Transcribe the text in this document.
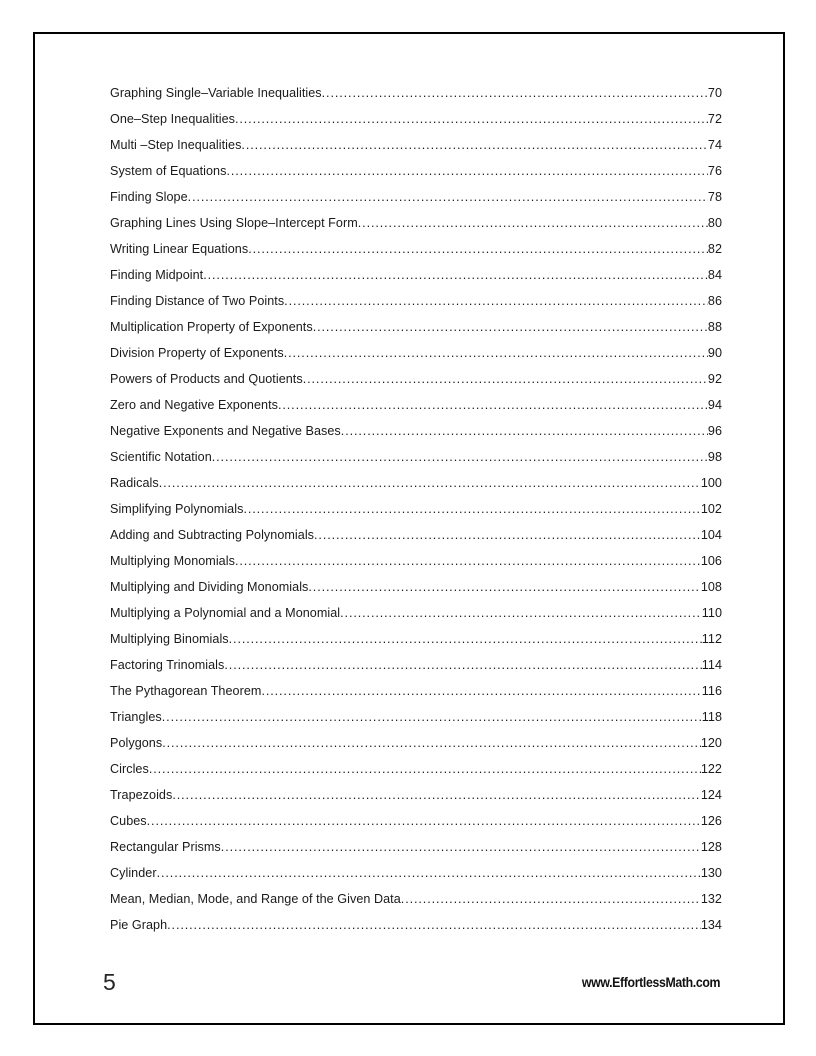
Graphing Single–Variable Inequalities .....	70
One–Step Inequalities .....	72
Multi –Step Inequalities .....	74
System of Equations .....	76
Finding Slope .....	78
Graphing Lines Using Slope–Intercept Form .....	80
Writing Linear Equations .....	82
Finding Midpoint .....	84
Finding Distance of Two Points .....	86
Multiplication Property of Exponents .....	88
Division Property of Exponents .....	90
Powers of Products and Quotients .....	92
Zero and Negative Exponents .....	94
Negative Exponents and Negative Bases .....	96
Scientific Notation .....	98
Radicals .....	100
Simplifying Polynomials .....	102
Adding and Subtracting Polynomials .....	104
Multiplying Monomials .....	106
Multiplying and Dividing Monomials .....	108
Multiplying a Polynomial and a Monomial .....	110
Multiplying Binomials .....	112
Factoring Trinomials .....	114
The Pythagorean Theorem .....	116
Triangles .....	118
Polygons .....	120
Circles .....	122
Trapezoids .....	124
Cubes .....	126
Rectangular Prisms .....	128
Cylinder .....	130
Mean, Median, Mode, and Range of the Given Data .....	132
Pie Graph .....	134
5	www.EffortlessMath.com
